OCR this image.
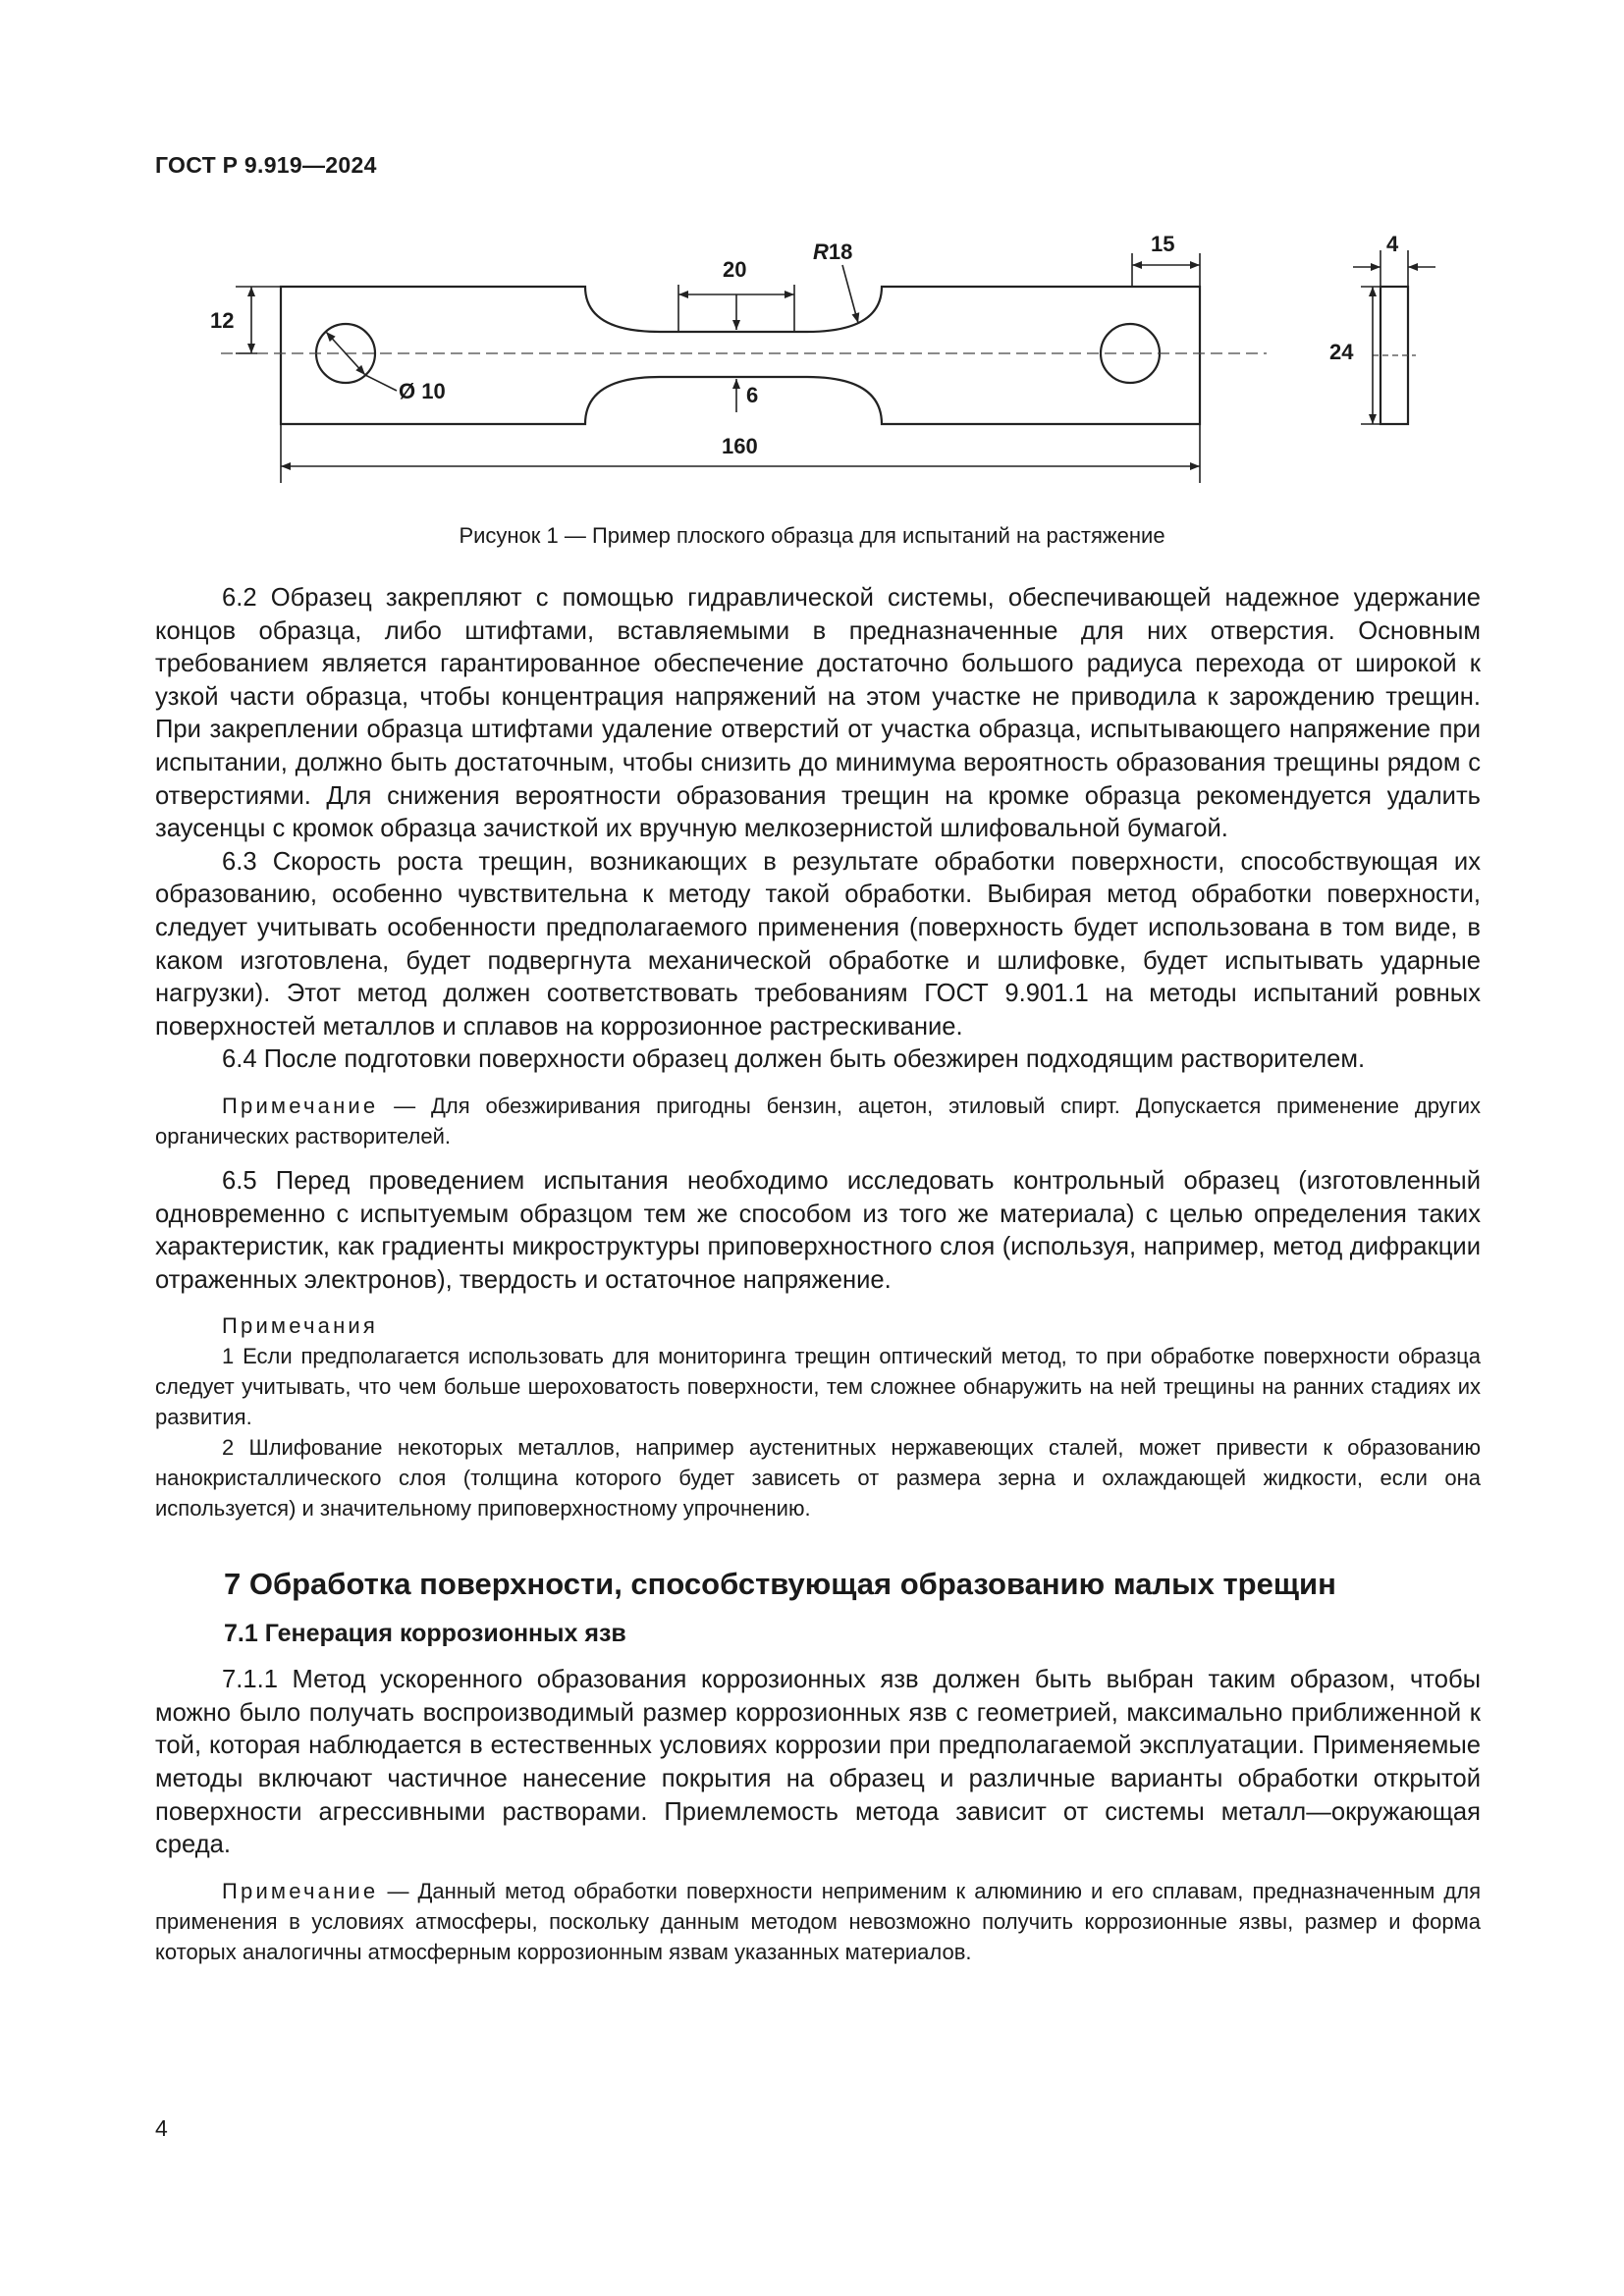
ГОСТ Р 9.919—2024
12
20
R18	15	4
24
Ø 10	6
160
Рисунок 1 — Пример плоского образца для испытаний на растяжение

6.2 Образец закрепляют с помощью гидравлической системы, обеспечивающей надежное удержание концов образца, либо штифтами, вставляемыми в предназначенные для них отверстия. Основным требованием является гарантированное обеспечение достаточно большого радиуса перехода от широкой к узкой части образца, чтобы концентрация напряжений на этом участке не приводила к зарождению трещин. При закреплении образца штифтами удаление отверстий от участка образца, испытывающего напряжение при испытании, должно быть достаточным, чтобы снизить до минимума вероятность образования трещины рядом с отверстиями. Для снижения вероятности образования трещин на кромке образца рекомендуется удалить заусенцы с кромок образца зачисткой их вручную мелкозернистой шлифовальной бумагой.

6.3 Скорость роста трещин, возникающих в результате обработки поверхности, способствующая их образованию, особенно чувствительна к методу такой обработки. Выбирая метод обработки поверхности, следует учитывать особенности предполагаемого применения (поверхность будет использована в том виде, в каком изготовлена, будет подвергнута механической обработке и шлифовке, будет испытывать ударные нагрузки). Этот метод должен соответствовать требованиям ГОСТ 9.901.1 на методы испытаний ровных поверхностей металлов и сплавов на коррозионное растрескивание.

6.4 После подготовки поверхности образец должен быть обезжирен подходящим растворителем.

Примечание — Для обезжиривания пригодны бензин, ацетон, этиловый спирт. Допускается применение других органических растворителей.

6.5 Перед проведением испытания необходимо исследовать контрольный образец (изготовленный одновременно с испытуемым образцом тем же способом из того же материала) с целью определения таких характеристик, как градиенты микроструктуры приповерхностного слоя (используя, например, метод дифракции отраженных электронов), твердость и остаточное напряжение.

Примечания

1 Если предполагается использовать для мониторинга трещин оптический метод, то при обработке поверхности образца следует учитывать, что чем больше шероховатость поверхности, тем сложнее обнаружить на ней трещины на ранних стадиях их развития.

2 Шлифование некоторых металлов, например аустенитных нержавеющих сталей, может привести к образованию нанокристаллического слоя (толщина которого будет зависеть от размера зерна и охлаждающей жидкости, если она используется) и значительному приповерхностному упрочнению.

7 Обработка поверхности, способствующая образованию малых трещин
7.1 Генерация коррозионных язв

7.1.1 Метод ускоренного образования коррозионных язв должен быть выбран таким образом, чтобы можно было получать воспроизводимый размер коррозионных язв с геометрией, максимально приближенной к той, которая наблюдается в естественных условиях коррозии при предполагаемой эксплуатации. Применяемые методы включают частичное нанесение покрытия на образец и различные варианты обработки открытой поверхности агрессивными растворами. Приемлемость метода зависит от системы металл—окружающая среда.

Примечание — Данный метод обработки поверхности неприменим к алюминию и его сплавам, предназначенным для применения в условиях атмосферы, поскольку данным методом невозможно получить коррозионные язвы, размер и форма которых аналогичны атмосферным коррозионным язвам указанных материалов.

4
